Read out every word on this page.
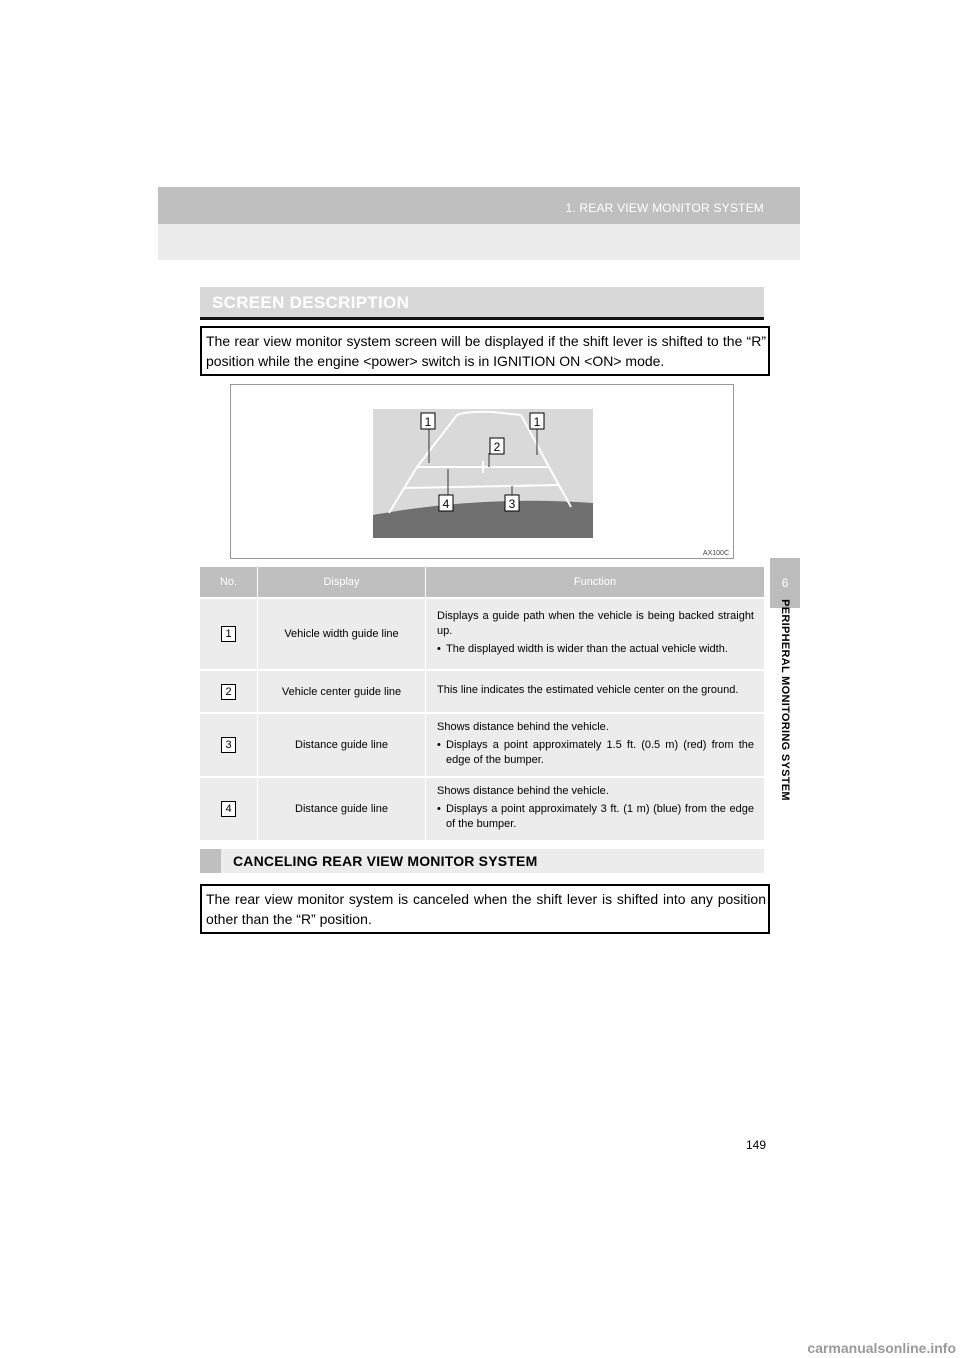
1. REAR VIEW MONITOR SYSTEM
6
PERIPHERAL MONITORING SYSTEM
SCREEN DESCRIPTION
The rear view monitor system screen will be displayed if the shift lever is shifted to the “R” position while the engine <power> switch is in IGNITION ON <ON> mode.
1	1
2
4	3
AX100C
No.	Display	Function
1	Vehicle width guide line	Displays a guide path when the vehicle is being backed straight up.
• The displayed width is wider than the actual vehicle width.

2	Vehicle center guide line	This line indicates the estimated vehicle center on the ground.

3	Distance guide line	Shows distance behind the vehicle.
• Displays a point approximately 1.5 ft. (0.5 m) (red) from the edge of the bumper.

4	Distance guide line	Shows distance behind the vehicle.
• Displays a point approximately 3 ft. (1 m) (blue) from the edge of the bumper.
CANCELING REAR VIEW MONITOR SYSTEM
The rear view monitor system is canceled when the shift lever is shifted into any position other than the “R” position.
149
carmanualsonline.info
